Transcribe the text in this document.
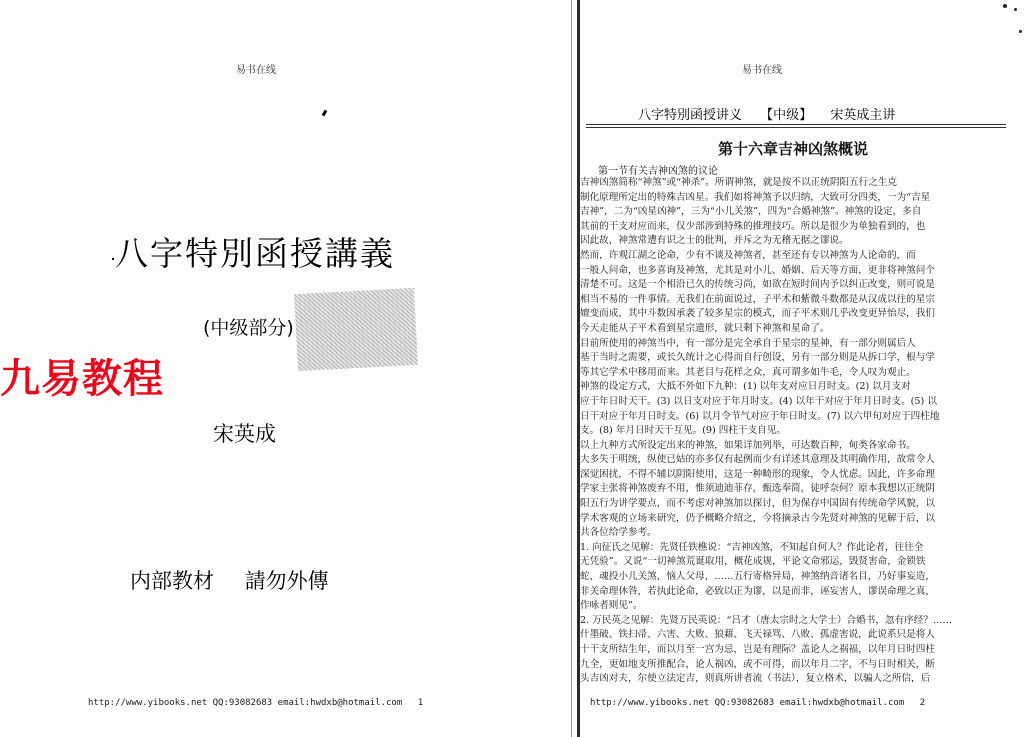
易书在线
八字特別函授講義
(中级部分)
九易教程
宋英成
内部教材 請勿外傳
http://www.yibooks.net QQ:93082683 email:hwdxb@hotmail.com 1
易书在线
八字特別函授讲义 【中级】 宋英成主讲
第十六章吉神凶煞概说
第一节有关吉神凶煞的议论

吉神凶煞简称“神煞”或“神杀”。所谓神煞，就是按不以正统阴阳五行之生克

制化原理所定出的特殊吉凶星。我们如将神煞予以归纳，大致可分四类，一为“吉星

吉神”，二为“凶星凶神”，三为“小儿关煞”，四为“合婚神煞”。神煞的设定，多自

其前的干支对应而来，仅少部涉到特殊的推理技巧。所以是很少为单独看到的，也

因此故，神煞常遭有识之士的批判，并斥之为无稽无据之谬说。

然而，许观江湖之论命，少有不谈及神煞者，甚至还有专以神煞为人论命的，而

一般人问命，也多喜询及神煞，尤其是对小儿、婚姻、后天等方面，更非将神煞问个

清楚不可。这是一个相沿已久的传统习尚，如欲在短时间内予以纠正改变，则可说是

相当不易的一件事情。无我们在前面说过，子平术和紫微斗数都是从汉成以往的星宗

嬗变而成，其中斗数因承袭了较多星宗的模式，而子平术则几乎改变更异怡尽，我们

今天走能从子平术看到星宗遗形，就只剩下神煞和星命了。

目前所使用的神煞当中，有一部分是完全承自于星宗的星神，有一部分则属后人

基于当时之需要，或长久统计之心得而自行创设，另有一部分则是从拆口学，根与学

等其它学术中移用而来。其老目与花样之众，真可谓多如牛毛，令人叹为观止。

神煞的设定方式，大抵不外如下九种：(1) 以年支对应日月时支。(2) 以月支对

应于年日时天干。(3) 以日支对应于年月时支。(4) 以年干对应于年月日时支。(5) 以

日干对应于年月日时支。(6) 以月令节气对应于年日时支。(7) 以六甲旬对应于四柱地

支。(8) 年月日时天干互见。(9) 四柱干支自见。

以上九种方式所设定出来的神煞，如果详加列举，可达数百种，甸类各家命书。

大多失于明统，纵使已姑的亦多仅有起例而少有详述其意理及其明确作用，故常令人

深觉困扰，不得不辅以阴阳使用，这是一种畸形的现象，令人忧虑。因此，许多命理

学家主张将神煞废弃不用，惟须迪迪菲存，甄选奉简，徒呼奈何？原本我想以正统阴

阳五行为讲学要点，而不考虑对神煞加以探讨，但为保存中国固有传统命学风貌，以

学术客观的立场来研究，仍予概略介绍之，今将摘录古今先贤对神煞的见解于后，以

共各位给学参考。

1. 向征氏之见解：先贤任铁樵说：“吉神凶煞，不知起自何人？作此论者，往往全

无凭验”。又说“一切神煞荒诞取用，概花成规，平论文命邪运，毁贤害命，金锁铁

蛇，魂投小儿关煞，恼人父母，……五行寄格异局，神煞纳音诸名目，乃好事妄造，

非关命理休咎，若执此论命，必致以正为谬，以是而非，诬妄害人，谬误命理之真，

作咏者则见”。

2. 万民英之见解：先贤万民英说：“吕才（唐太宗时之大学士）合婚书，忽有序经？……

什墨破、铁扫帚、六害、大败、狼藉、飞天禄骂、八败、孤虚害说，此说系只是将人

十干支所结生年，而以月至一宫为忌，岂是有理际？盖论人之祸福，以年月日时四柱

九全，更如地支所推配合，论人祸凶，或不可得，而以年月二字，不与日时相关，断

头吉凶对夫，尔使立法定吉，则真所讲者流（书法），复立格术，以骗人之所信，后

http://www.yibooks.net QQ:93082683 email:hwdxb@hotmail.com 2
